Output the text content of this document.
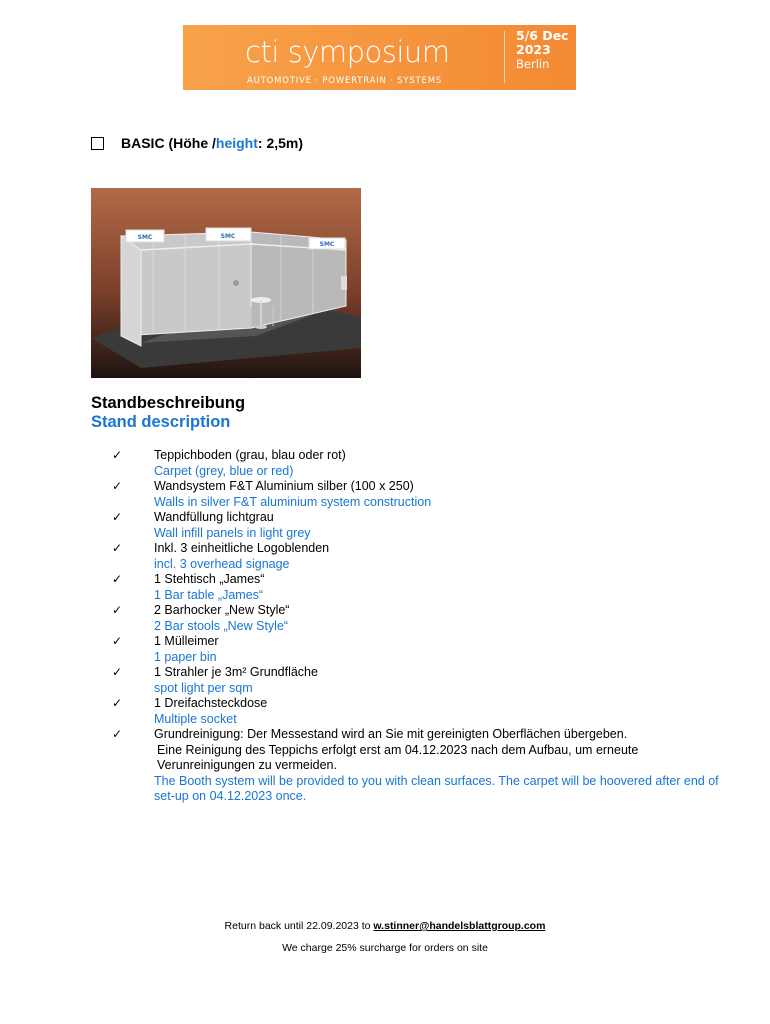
cti symposium
AUTOMOTIVE · POWERTRAIN · SYSTEMS
5/6 Dec
2023
Berlin
BASIC (Höhe / height : 2,5m)
SMC	SMC
SMC
Standbeschreibung
Stand description
✓	Teppichboden (grau, blau oder rot)
Carpet (grey, blue or red)
✓	Wandsystem F&T Aluminium silber (100 x 250)
Walls in silver F&T aluminium system construction
✓	Wandfüllung lichtgrau
Wall infill panels in light grey
✓	Inkl. 3 einheitliche Logoblenden
incl. 3 overhead signage
✓	1 Stehtisch „James“
1 Bar table „James“
✓	2 Barhocker „New Style“
2 Bar stools „New Style“
✓	1 Mülleimer
1 paper bin
✓	1 Strahler je 3m² Grundfläche
spot light per sqm
✓	1 Dreifachsteckdose
Multiple socket
✓	Grundreinigung: Der Messestand wird an Sie mit gereinigten Oberflächen übergeben.
Eine Reinigung des Teppichs erfolgt erst am 04.12.2023 nach dem Aufbau, um erneute
Verunreinigungen zu vermeiden.
The Booth system will be provided to you with clean surfaces. The carpet will be hoovered after end of set-up on 04.12.2023 once.
Return back until 22.09.2023 to w.stinner@handelsblattgroup.com
We charge 25% surcharge for orders on site
